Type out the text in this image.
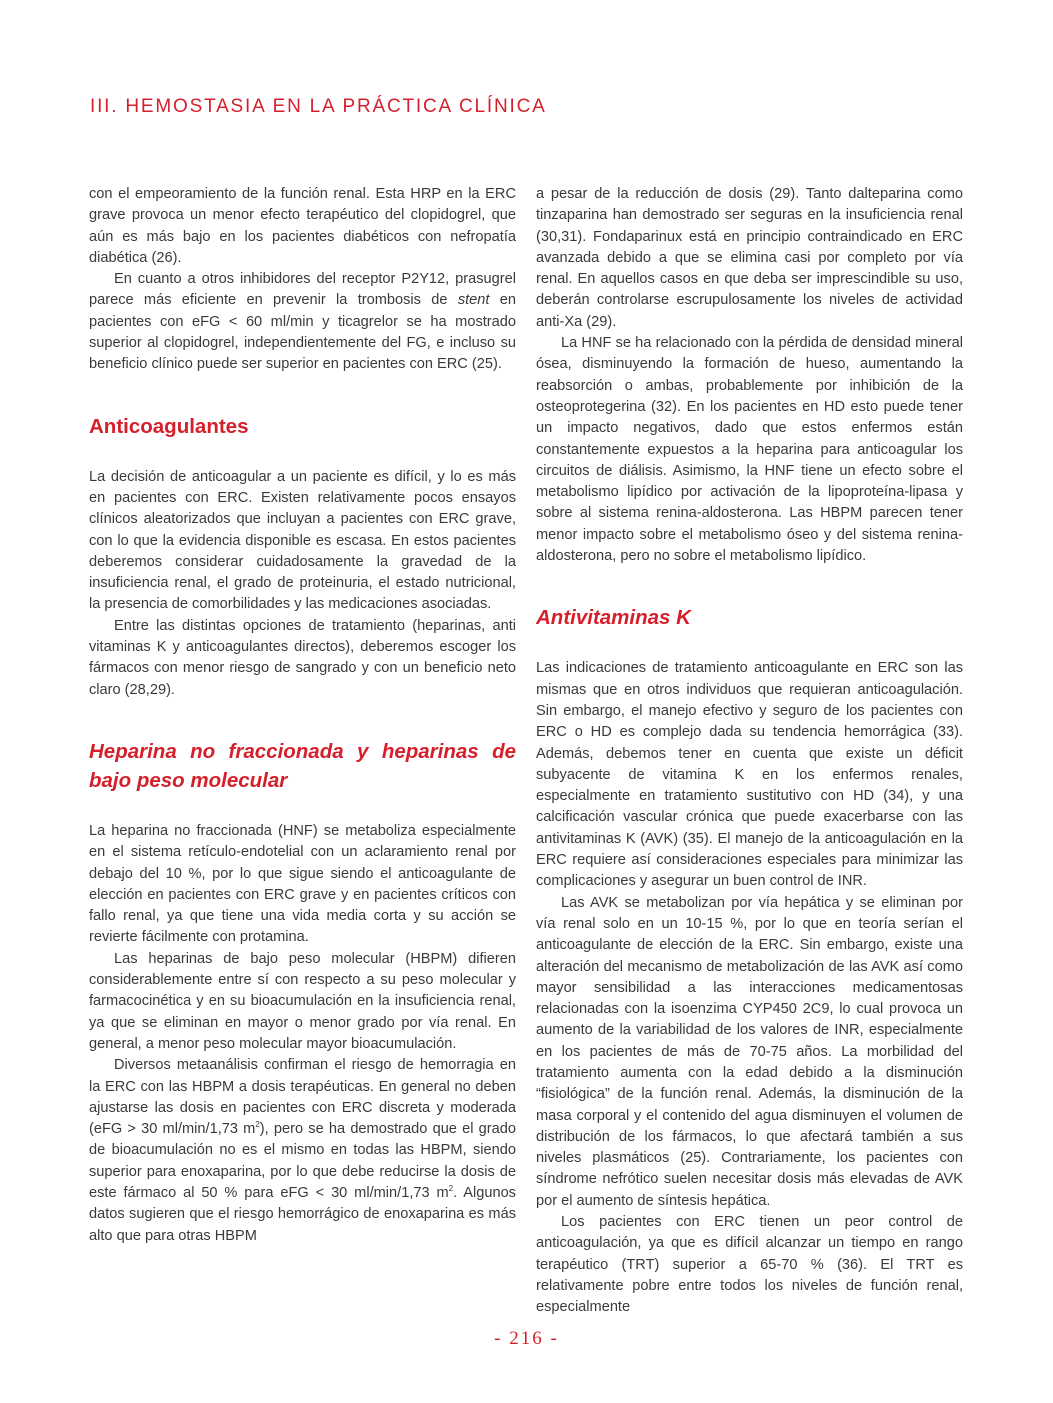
III. HEMOSTASIA EN LA PRÁCTICA CLÍNICA

con el empeoramiento de la función renal. Esta HRP en la ERC grave provoca un menor efecto terapéutico del clopidogrel, que aún es más bajo en los pacientes diabéticos con nefropatía diabética (26).

En cuanto a otros inhibidores del receptor P2Y12, prasugrel parece más eficiente en prevenir la trombosis de stent en pacientes con eFG < 60 ml/min y ticagrelor se ha mostrado superior al clopidogrel, independientemente del FG, e incluso su beneficio clínico puede ser superior en pacientes con ERC (25).

Anticoagulantes

La decisión de anticoagular a un paciente es difícil, y lo es más en pacientes con ERC. Existen relativamente pocos ensayos clínicos aleatorizados que incluyan a pacientes con ERC grave, con lo que la evidencia disponible es escasa. En estos pacientes deberemos considerar cuidadosamente la gravedad de la insuficiencia renal, el grado de proteinuria, el estado nutricional, la presencia de comorbilidades y las medicaciones asociadas.

Entre las distintas opciones de tratamiento (heparinas, anti vitaminas K y anticoagulantes directos), deberemos escoger los fármacos con menor riesgo de sangrado y con un beneficio neto claro (28,29).

Heparina no fraccionada y heparinas de bajo peso molecular

La heparina no fraccionada (HNF) se metaboliza especialmente en el sistema retículo-endotelial con un aclaramiento renal por debajo del 10 %, por lo que sigue siendo el anticoagulante de elección en pacientes con ERC grave y en pacientes críticos con fallo renal, ya que tiene una vida media corta y su acción se revierte fácilmente con protamina.

Las heparinas de bajo peso molecular (HBPM) difieren considerablemente entre sí con respecto a su peso molecular y farmacocinética y en su bioacumulación en la insuficiencia renal, ya que se eliminan en mayor o menor grado por vía renal. En general, a menor peso molecular mayor bioacumulación.

Diversos metaanálisis confirman el riesgo de hemorragia en la ERC con las HBPM a dosis terapéuticas. En general no deben ajustarse las dosis en pacientes con ERC discreta y moderada (eFG > 30 ml/min/1,73 $m^2$), pero se ha demostrado que el grado de bioacumulación no es el mismo en todas las HBPM, siendo superior para enoxaparina, por lo que debe reducirse la dosis de este fármaco al 50 % para eFG < 30 ml/min/1,73 $m^2$. Algunos datos sugieren que el riesgo hemorrágico de enoxaparina es más alto que para otras HBPM

a pesar de la reducción de dosis (29). Tanto dalteparina como tinzaparina han demostrado ser seguras en la insuficiencia renal (30,31). Fondaparinux está en principio contraindicado en ERC avanzada debido a que se elimina casi por completo por vía renal. En aquellos casos en que deba ser imprescindible su uso, deberán controlarse escrupulosamente los niveles de actividad anti-Xa (29).

La HNF se ha relacionado con la pérdida de densidad mineral ósea, disminuyendo la formación de hueso, aumentando la reabsorción o ambas, probablemente por inhibición de la osteoprotegerina (32). En los pacientes en HD esto puede tener un impacto negativos, dado que estos enfermos están constantemente expuestos a la heparina para anticoagular los circuitos de diálisis. Asimismo, la HNF tiene un efecto sobre el metabolismo lipídico por activación de la lipoproteína-lipasa y sobre al sistema renina-aldosterona. Las HBPM parecen tener menor impacto sobre el metabolismo óseo y del sistema renina-aldosterona, pero no sobre el metabolismo lipídico.

Antivitaminas K

Las indicaciones de tratamiento anticoagulante en ERC son las mismas que en otros individuos que requieran anticoagulación. Sin embargo, el manejo efectivo y seguro de los pacientes con ERC o HD es complejo dada su tendencia hemorrágica (33). Además, debemos tener en cuenta que existe un déficit subyacente de vitamina K en los enfermos renales, especialmente en tratamiento sustitutivo con HD (34), y una calcificación vascular crónica que puede exacerbarse con las antivitaminas K (AVK) (35). El manejo de la anticoagulación en la ERC requiere así consideraciones especiales para minimizar las complicaciones y asegurar un buen control de INR.

Las AVK se metabolizan por vía hepática y se eliminan por vía renal solo en un 10-15 %, por lo que en teoría serían el anticoagulante de elección de la ERC. Sin embargo, existe una alteración del mecanismo de metabolización de las AVK así como mayor sensibilidad a las interacciones medicamentosas relacionadas con la isoenzima CYP450 2C9, lo cual provoca un aumento de la variabilidad de los valores de INR, especialmente en los pacientes de más de 70-75 años. La morbilidad del tratamiento aumenta con la edad debido a la disminución “fisiológica” de la función renal. Además, la disminución de la masa corporal y el contenido del agua disminuyen el volumen de distribución de los fármacos, lo que afectará también a sus niveles plasmáticos (25). Contrariamente, los pacientes con síndrome nefrótico suelen necesitar dosis más elevadas de AVK por el aumento de síntesis hepática.

Los pacientes con ERC tienen un peor control de anticoagulación, ya que es difícil alcanzar un tiempo en rango terapéutico (TRT) superior a 65-70 % (36). El TRT es relativamente pobre entre todos los niveles de función renal, especialmente

- 216 -
